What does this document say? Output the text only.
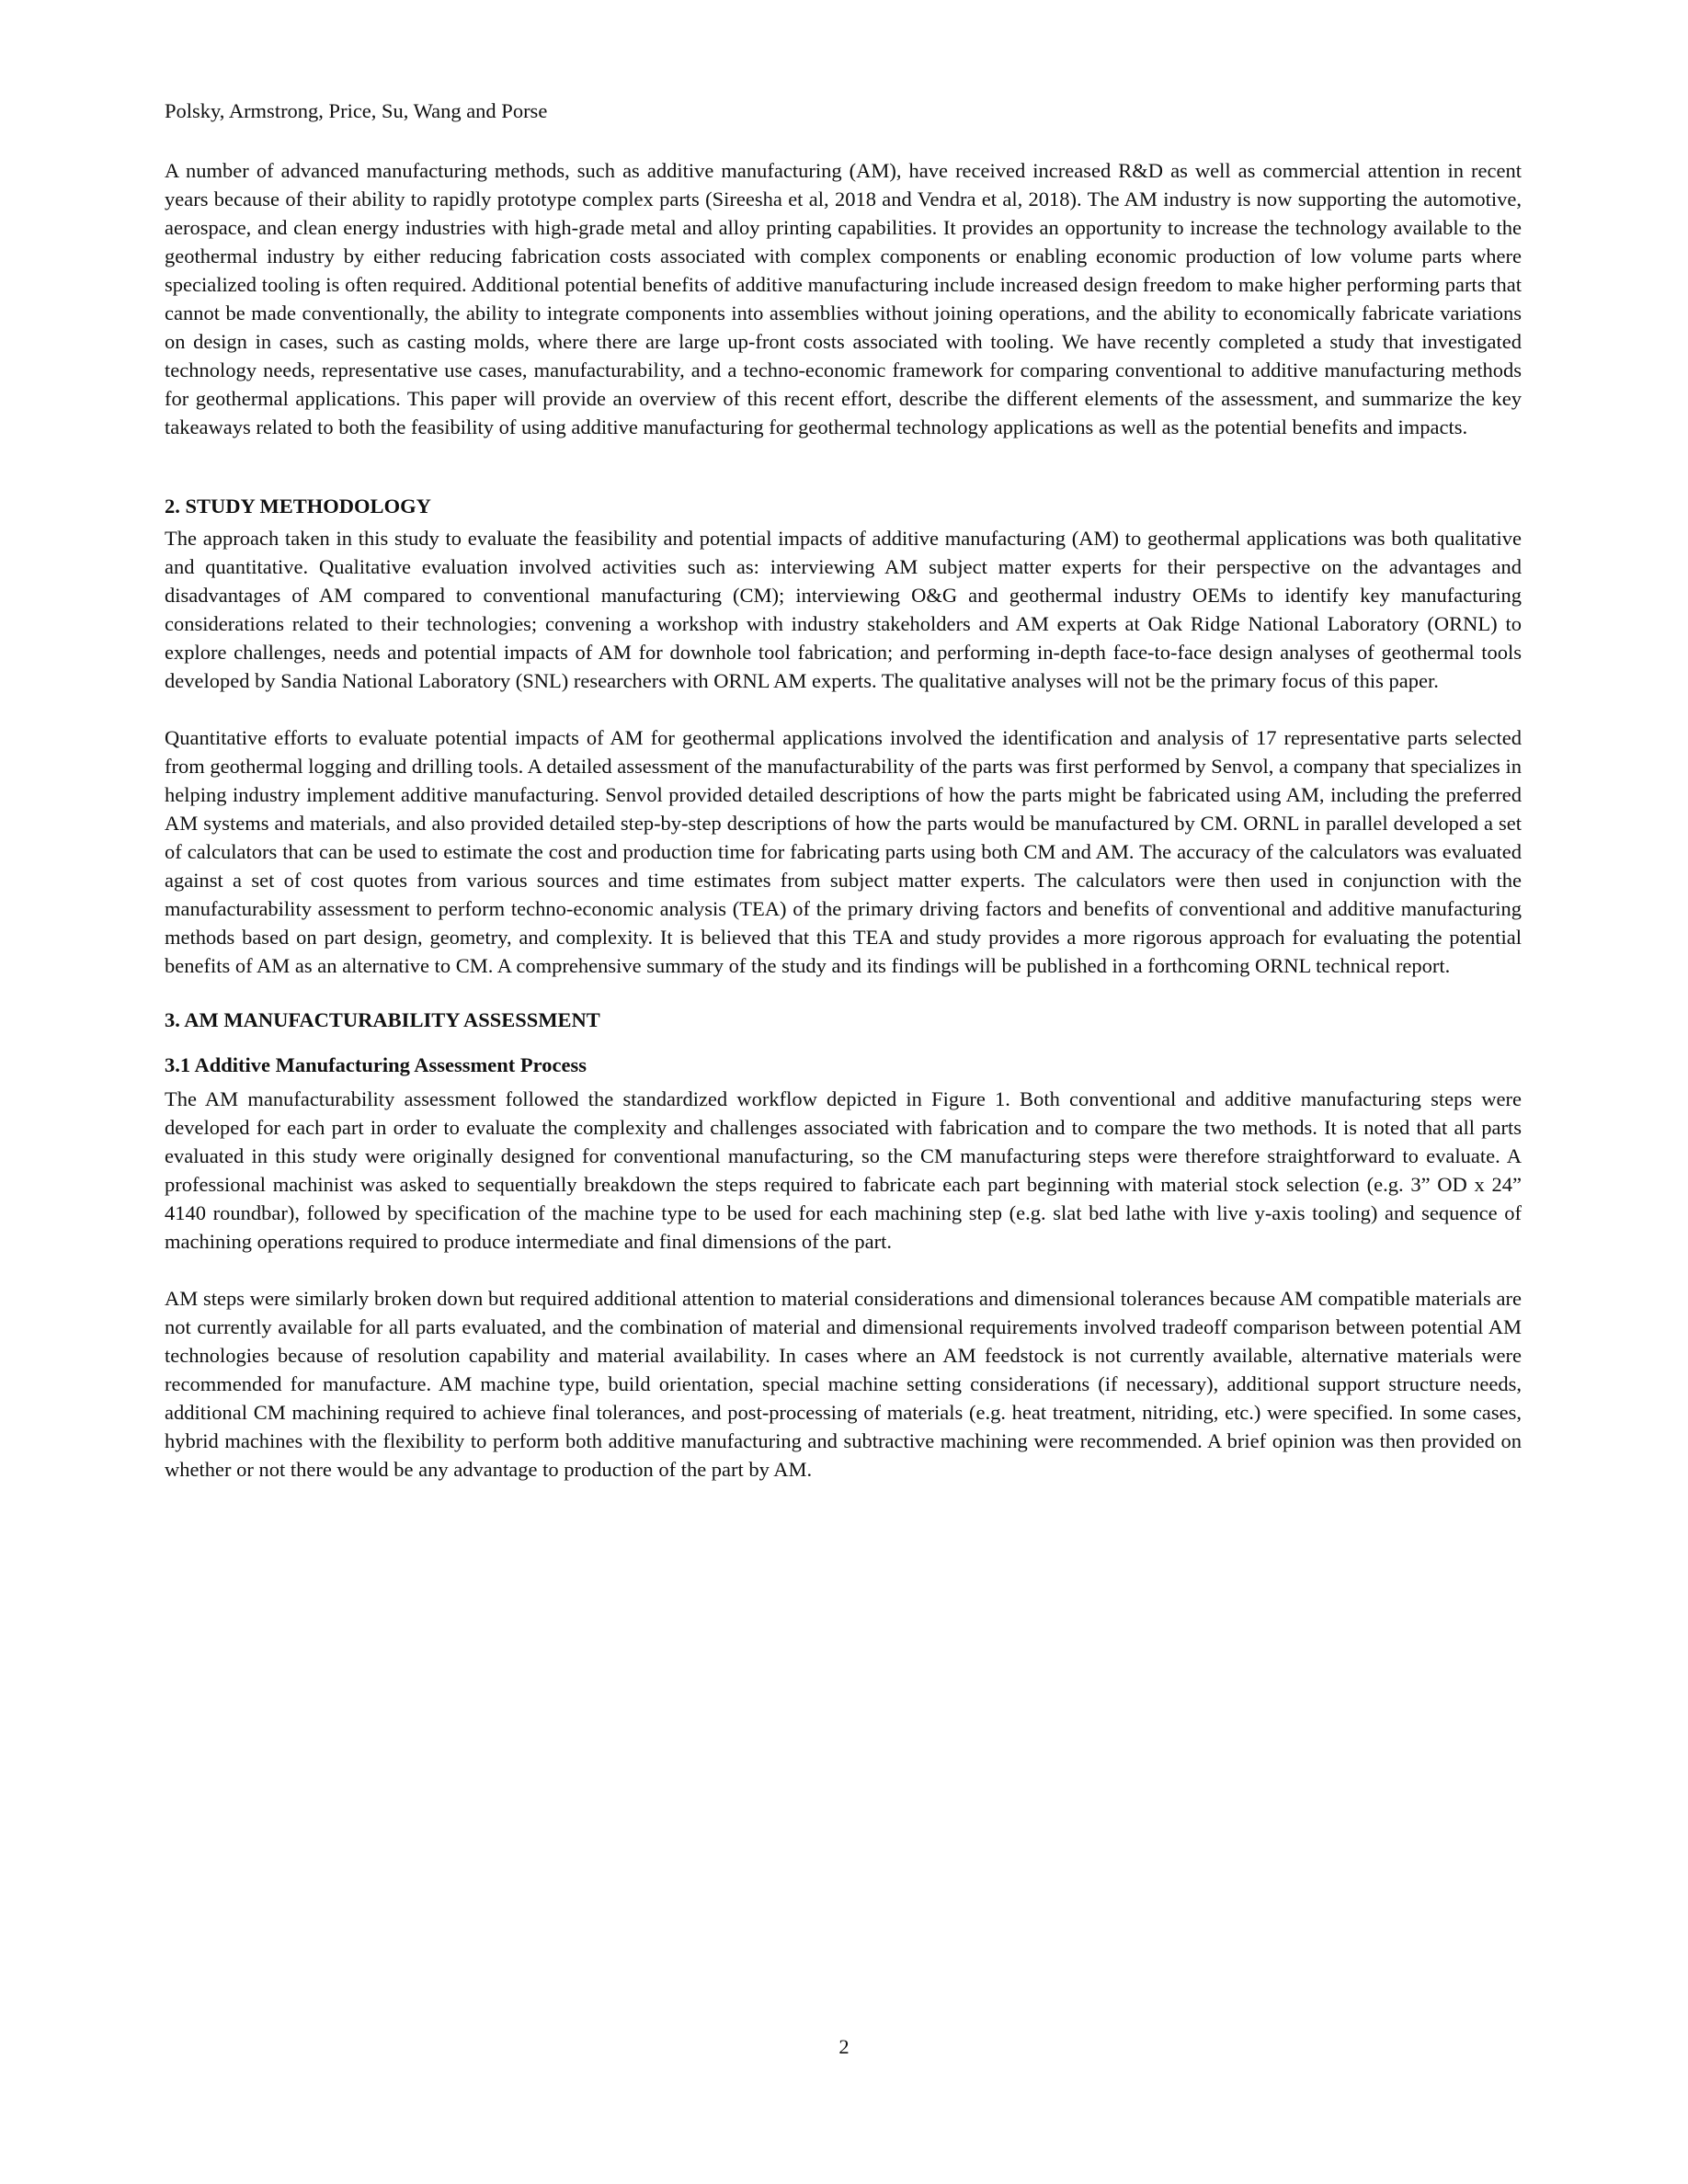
Polsky, Armstrong, Price, Su, Wang and Porse

A number of advanced manufacturing methods, such as additive manufacturing (AM), have received increased R&D as well as commercial attention in recent years because of their ability to rapidly prototype complex parts (Sireesha et al, 2018 and Vendra et al, 2018). The AM industry is now supporting the automotive, aerospace, and clean energy industries with high-grade metal and alloy printing capabilities. It provides an opportunity to increase the technology available to the geothermal industry by either reducing fabrication costs associated with complex components or enabling economic production of low volume parts where specialized tooling is often required. Additional potential benefits of additive manufacturing include increased design freedom to make higher performing parts that cannot be made conventionally, the ability to integrate components into assemblies without joining operations, and the ability to economically fabricate variations on design in cases, such as casting molds, where there are large up-front costs associated with tooling. We have recently completed a study that investigated technology needs, representative use cases, manufacturability, and a techno-economic framework for comparing conventional to additive manufacturing methods for geothermal applications. This paper will provide an overview of this recent effort, describe the different elements of the assessment, and summarize the key takeaways related to both the feasibility of using additive manufacturing for geothermal technology applications as well as the potential benefits and impacts.

2. STUDY METHODOLOGY

The approach taken in this study to evaluate the feasibility and potential impacts of additive manufacturing (AM) to geothermal applications was both qualitative and quantitative. Qualitative evaluation involved activities such as: interviewing AM subject matter experts for their perspective on the advantages and disadvantages of AM compared to conventional manufacturing (CM); interviewing O&G and geothermal industry OEMs to identify key manufacturing considerations related to their technologies; convening a workshop with industry stakeholders and AM experts at Oak Ridge National Laboratory (ORNL) to explore challenges, needs and potential impacts of AM for downhole tool fabrication; and performing in-depth face-to-face design analyses of geothermal tools developed by Sandia National Laboratory (SNL) researchers with ORNL AM experts. The qualitative analyses will not be the primary focus of this paper.

Quantitative efforts to evaluate potential impacts of AM for geothermal applications involved the identification and analysis of 17 representative parts selected from geothermal logging and drilling tools. A detailed assessment of the manufacturability of the parts was first performed by Senvol, a company that specializes in helping industry implement additive manufacturing. Senvol provided detailed descriptions of how the parts might be fabricated using AM, including the preferred AM systems and materials, and also provided detailed step-by-step descriptions of how the parts would be manufactured by CM. ORNL in parallel developed a set of calculators that can be used to estimate the cost and production time for fabricating parts using both CM and AM. The accuracy of the calculators was evaluated against a set of cost quotes from various sources and time estimates from subject matter experts. The calculators were then used in conjunction with the manufacturability assessment to perform techno-economic analysis (TEA) of the primary driving factors and benefits of conventional and additive manufacturing methods based on part design, geometry, and complexity. It is believed that this TEA and study provides a more rigorous approach for evaluating the potential benefits of AM as an alternative to CM. A comprehensive summary of the study and its findings will be published in a forthcoming ORNL technical report.

3. AM MANUFACTURABILITY ASSESSMENT
3.1 Additive Manufacturing Assessment Process

The AM manufacturability assessment followed the standardized workflow depicted in Figure 1. Both conventional and additive manufacturing steps were developed for each part in order to evaluate the complexity and challenges associated with fabrication and to compare the two methods. It is noted that all parts evaluated in this study were originally designed for conventional manufacturing, so the CM manufacturing steps were therefore straightforward to evaluate. A professional machinist was asked to sequentially breakdown the steps required to fabricate each part beginning with material stock selection (e.g. 3” OD x 24” 4140 roundbar), followed by specification of the machine type to be used for each machining step (e.g. slat bed lathe with live y-axis tooling) and sequence of machining operations required to produce intermediate and final dimensions of the part.

AM steps were similarly broken down but required additional attention to material considerations and dimensional tolerances because AM compatible materials are not currently available for all parts evaluated, and the combination of material and dimensional requirements involved tradeoff comparison between potential AM technologies because of resolution capability and material availability. In cases where an AM feedstock is not currently available, alternative materials were recommended for manufacture. AM machine type, build orientation, special machine setting considerations (if necessary), additional support structure needs, additional CM machining required to achieve final tolerances, and post-processing of materials (e.g. heat treatment, nitriding, etc.) were specified. In some cases, hybrid machines with the flexibility to perform both additive manufacturing and subtractive machining were recommended. A brief opinion was then provided on whether or not there would be any advantage to production of the part by AM.

2
